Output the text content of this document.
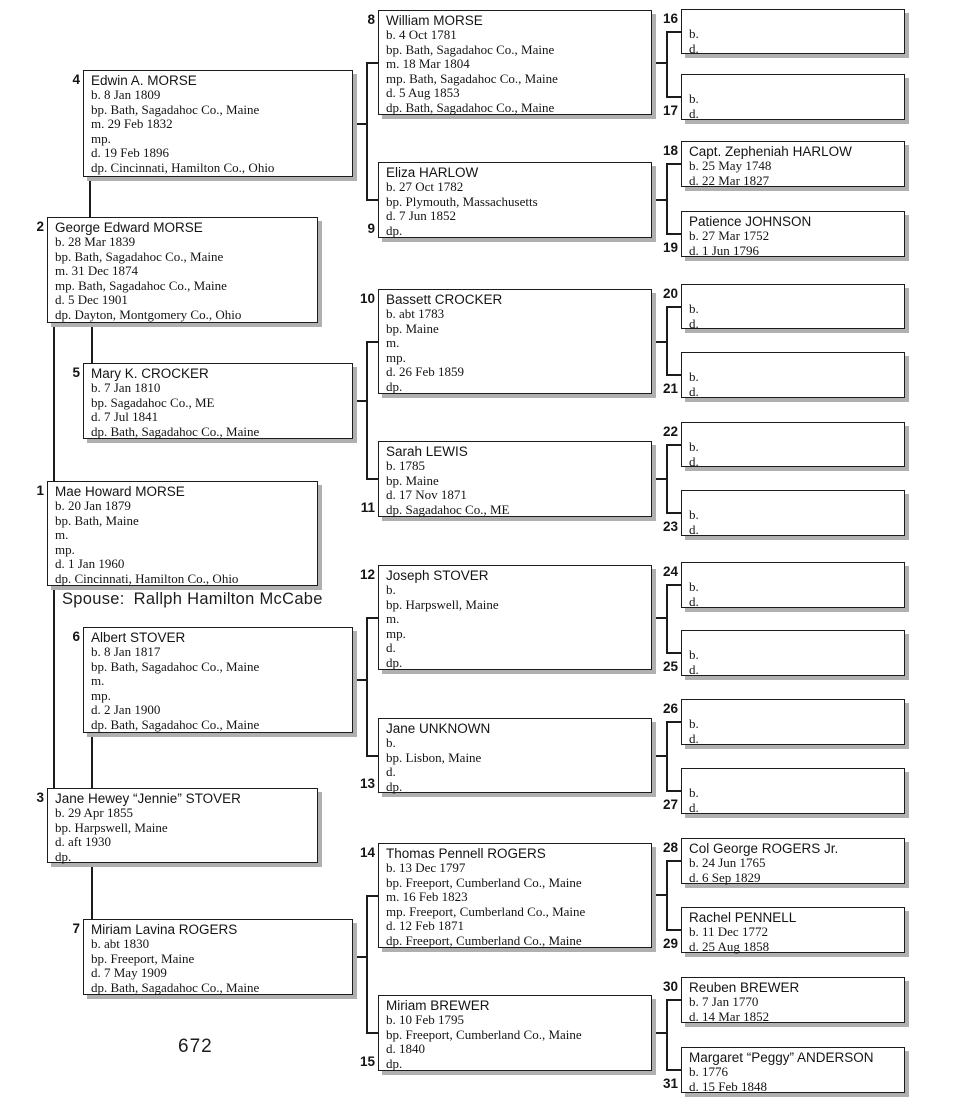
4 Edwin A. MORSE
b. 8 Jan 1809
bp. Bath, Sagadahoc Co., Maine
m. 29 Feb 1832
mp.
d. 19 Feb 1896
dp. Cincinnati, Hamilton Co., Ohio
2 George Edward MORSE
b. 28 Mar 1839
bp. Bath, Sagadahoc Co., Maine
m. 31 Dec 1874
mp. Bath, Sagadahoc Co., Maine
d. 5 Dec 1901
dp. Dayton, Montgomery Co., Ohio
5 Mary K. CROCKER
b. 7 Jan 1810
bp. Sagadahoc Co., ME
d. 7 Jul 1841
dp. Bath, Sagadahoc Co., Maine
1 Mae Howard MORSE
b. 20 Jan 1879
bp. Bath, Maine
m.
mp.
d. 1 Jan 1960
dp. Cincinnati, Hamilton Co., Ohio
6 Albert STOVER
b. 8 Jan 1817
bp. Bath, Sagadahoc Co., Maine
m.
mp.
d. 2 Jan 1900
dp. Bath, Sagadahoc Co., Maine
3 Jane Hewey “Jennie” STOVER
b. 29 Apr 1855
bp. Harpswell, Maine
d. aft 1930
dp.
7 Miriam Lavina ROGERS
b. abt 1830
bp. Freeport, Maine
d. 7 May 1909
dp. Bath, Sagadahoc Co., Maine
8 William MORSE
b. 4 Oct 1781
bp. Bath, Sagadahoc Co., Maine
m. 18 Mar 1804
mp. Bath, Sagadahoc Co., Maine
d. 5 Aug 1853
dp. Bath, Sagadahoc Co., Maine
9
Eliza HARLOW
b. 27 Oct 1782
bp. Plymouth, Massachusetts
d. 7 Jun 1852
dp.
10 Bassett CROCKER
b. abt 1783
bp. Maine
m.
mp.
d. 26 Feb 1859
dp.
11
Sarah LEWIS
b. 1785
bp. Maine
d. 17 Nov 1871
dp. Sagadahoc Co., ME
12 Joseph STOVER
b.
bp. Harpswell, Maine
m.
mp.
d.
dp.
13
Jane UNKNOWN
b.
bp. Lisbon, Maine
d.
dp.
14 Thomas Pennell ROGERS
b. 13 Dec 1797
bp. Freeport, Cumberland Co., Maine
m. 16 Feb 1823
mp. Freeport, Cumberland Co., Maine
d. 12 Feb 1871
dp. Freeport, Cumberland Co., Maine
15
Miriam BREWER
b. 10 Feb 1795
bp. Freeport, Cumberland Co., Maine
d. 1840
dp.
16
b.
d.
17
b.
d.
18 Capt. Zepheniah HARLOW
b. 25 May 1748
d. 22 Mar 1827
19
Patience JOHNSON
b. 27 Mar 1752
d. 1 Jun 1796
20
b.
d.
21
b.
d.
22
b.
d.
23
b.
d.
24
b.
d.
25
b.
d.
26
b.
d.
27
b.
d.
28 Col George ROGERS Jr.
b. 24 Jun 1765
d. 6 Sep 1829
29
Rachel PENNELL
b. 11 Dec 1772
d. 25 Aug 1858
30 Reuben BREWER
b. 7 Jan 1770
d. 14 Mar 1852
31
Margaret “Peggy” ANDERSON
b. 1776
d. 15 Feb 1848
Spouse: Rallph Hamilton McCabe
672
